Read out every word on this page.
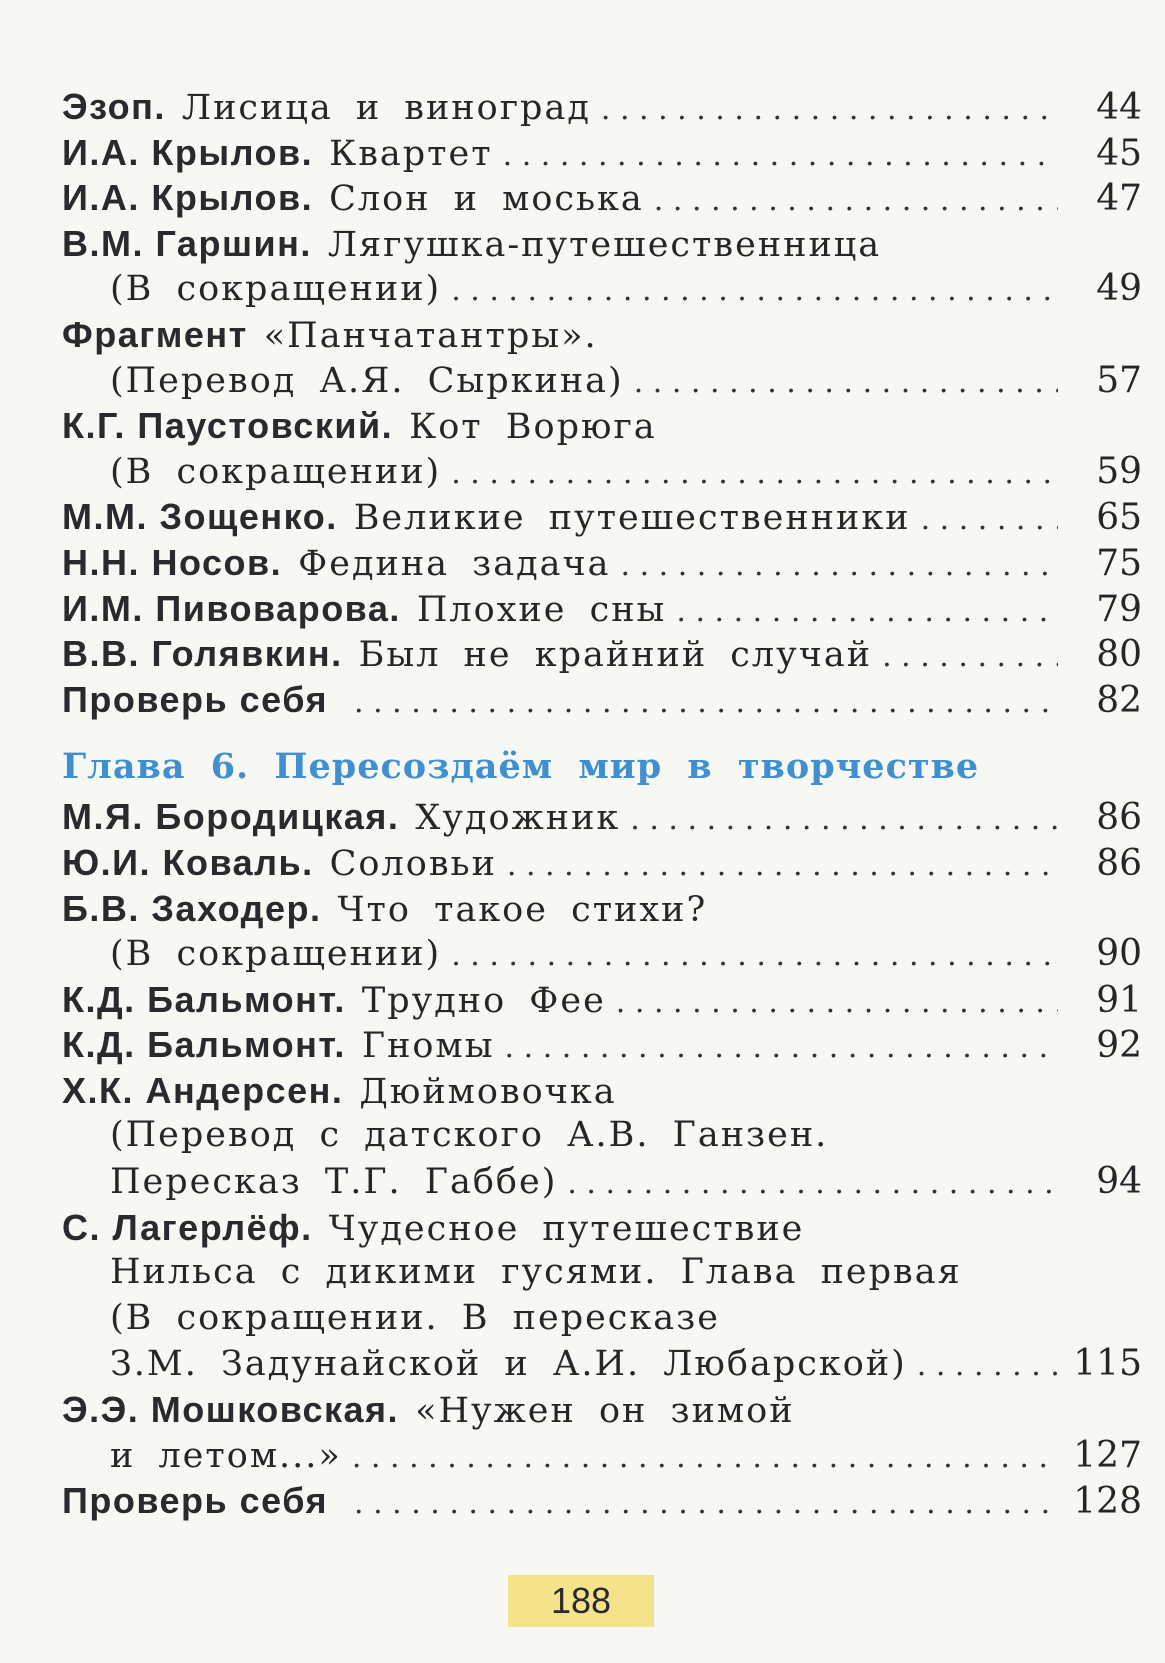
Эзоп. Лисица и виноград . . .	44
И.А. Крылов. Квартет . . .	45
И.А. Крылов. Слон и моська . . .	47
В.М. Гаршин. Лягушка-путешественница
(В сокращении) . . .	49
Фрагмент «Панчатантры».
(Перевод А.Я. Сыркина) . . .	57
К.Г. Паустовский. Кот Ворюга
(В сокращении) . . .	59
М.М. Зощенко. Великие путешественники . . .	65
Н.Н. Носов. Федина задача . . .	75
И.М. Пивоварова. Плохие сны . . .	79
В.В. Голявкин. Был не крайний случай . . .	80
Проверь себя . . .	82
Глава 6. Пересоздаём мир в творчестве
М.Я. Бородицкая. Художник . . .	86
Ю.И. Коваль. Соловьи . . .	86
Б.В. Заходер. Что такое стихи?
(В сокращении) . . .	90
К.Д. Бальмонт. Трудно Фее . . .	91
К.Д. Бальмонт. Гномы . . .	92
Х.К. Андерсен. Дюймовочка
(Перевод с датского А.В. Ганзен.
Пересказ Т.Г. Габбе) . . .	94
С. Лагерлёф. Чудесное путешествие
Нильса с дикими гусями. Глава первая
(В сокращении. В пересказе
З.М. Задунайской и А.И. Любарской) . . .	115
Э.Э. Мошковская. «Нужен он зимой
и летом...» . . .	127
Проверь себя . . .	128
188
